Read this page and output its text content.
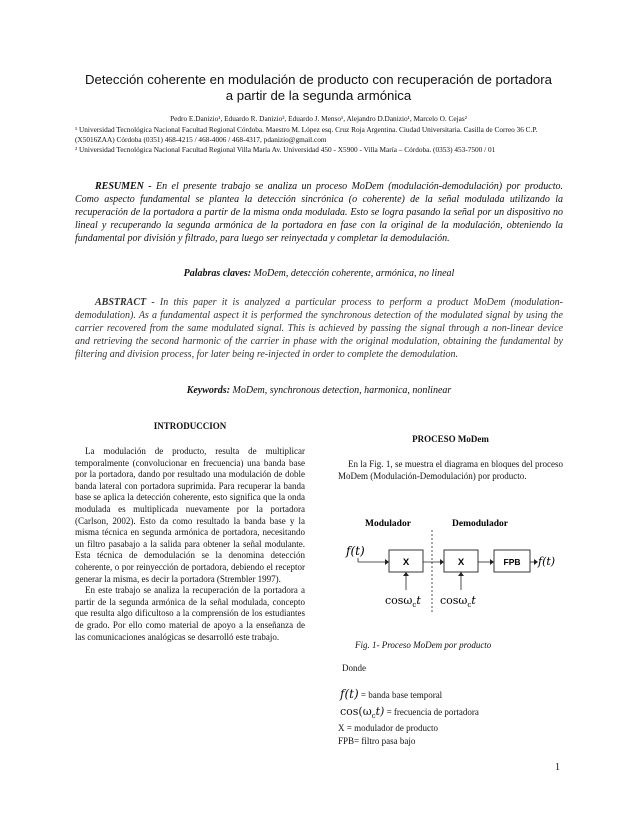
Detección coherente en modulación de producto con recuperación de portadora
a partir de la segunda armónica
Pedro E.Danizio¹, Eduardo R. Danizio², Eduardo J. Menso¹, Alejandro D.Danizio¹, Marcelo O. Cejas²
¹ Universidad Tecnológica Nacional Facultad Regional Córdoba. Maestro M. López esq. Cruz Roja Argentina. Ciudad Universitaria. Casilla de Correo 36 C.P. (X5016ZAA) Córdoba (0351) 468-4215 / 468-4006 / 468-4317, pdanizio@gmail.com
² Universidad Tecnológica Nacional Facultad Regional Villa María Av. Universidad 450 - X5900 - Villa María – Córdoba. (0353) 453-7500 / 01
RESUMEN - En el presente trabajo se analiza un proceso MoDem (modulación-demodulación) por producto. Como aspecto fundamental se plantea la detección sincrónica (o coherente) de la señal modulada utilizando la recuperación de la portadora a partir de la misma onda modulada. Esto se logra pasando la señal por un dispositivo no lineal y recuperando la segunda armónica de la portadora en fase con la original de la modulación, obteniendo la fundamental por división y filtrado, para luego ser reinyectada y completar la demodulación.
Palabras claves: MoDem, detección coherente, armónica, no lineal
ABSTRACT - In this paper it is analyzed a particular process to perform a product MoDem (modulation-demodulation). As a fundamental aspect it is performed the synchronous detection of the modulated signal by using the carrier recovered from the same modulated signal. This is achieved by passing the signal through a non-linear device and retrieving the second harmonic of the carrier in phase with the original modulation, obtaining the fundamental by filtering and division process, for later being re-injected in order to complete the demodulation.
Keywords: MoDem, synchronous detection, harmonica, nonlinear
INTRODUCCION

La modulación de producto, resulta de multiplicar temporalmente (convolucionar en frecuencia) una banda base por la portadora, dando por resultado una modulación de doble banda lateral con portadora suprimida. Para recuperar la banda base se aplica la detección coherente, esto significa que la onda modulada es multiplicada nuevamente por la portadora (Carlson, 2002). Esto da como resultado la banda base y la misma técnica en segunda armónica de portadora, necesitando un filtro pasabajo a la salida para obtener la señal modulante. Esta técnica de demodulación se la denomina detección coherente, o por reinyección de portadora, debiendo el receptor generar la misma, es decir la portadora (Strembler 1997).

En este trabajo se analiza la recuperación de la portadora a partir de la segunda armónica de la señal modulada, concepto que resulta algo dificultoso a la comprensión de los estudiantes de grado. Por ello como material de apoyo a la enseñanza de las comunicaciones analógicas se desarrolló este trabajo.

PROCESO MoDem

En la Fig. 1, se muestra el diagrama en bloques del proceso MoDem (Modulación-Demodulación) por producto.

Modulador	Demodulador
f(t)
X	X	FPB f(t)
cosω$_c$t cosω$_c$t
Fig. 1- Proceso MoDem por producto
Donde
f(t) = banda base temporal
$\cos(\omega_ct)$ = frecuencia de portadora
X = modulador de producto
FPB= filtro pasa bajo
1
